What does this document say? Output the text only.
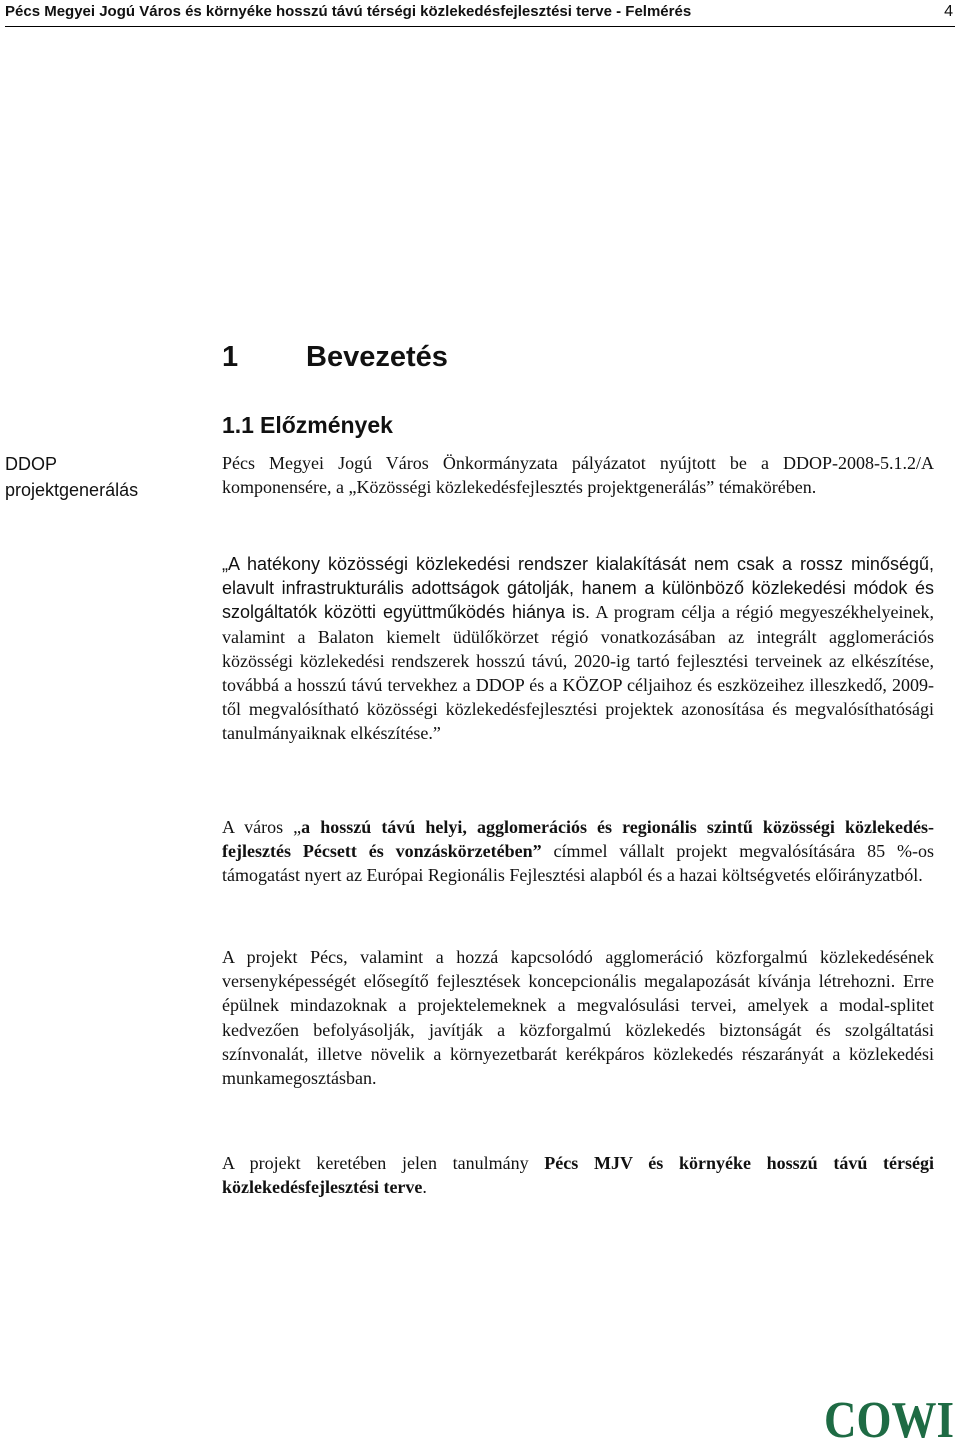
Pécs Megyei Jogú Város és környéke hosszú távú térségi közlekedésfejlesztési terve - Felmérés	4
1 Bevezetés
1.1 Előzmények
DDOP
projektgenerálás

Pécs Megyei Jogú Város Önkormányzata pályázatot nyújtott be a DDOP-2008-5.1.2/A komponensére, a „Közösségi közlekedésfejlesztés projektgenerálás” témakörében.

„A hatékony közösségi közlekedési rendszer kialakítását nem csak a rossz minőségű, elavult infrastrukturális adottságok gátolják, hanem a különböző közlekedési módok és szolgáltatók közötti együttműködés hiánya is. A program célja a régió megyeszékhelyeinek, valamint a Balaton kiemelt üdülőkörzet régió vonatkozásában az integrált agglomerációs közösségi közlekedési rendszerek hosszú távú, 2020-ig tartó fejlesztési terveinek az elkészítése, továbbá a hosszú távú tervekhez a DDOP és a KÖZOP céljaihoz és eszközeihez illeszkedő, 2009-től megvalósítható közösségi közlekedésfejlesztési projektek azonosítása és megvalósíthatósági tanulmányaiknak elkészítése.”

A város „a hosszú távú helyi, agglomerációs és regionális szintű közösségi közlekedés-fejlesztés Pécsett és vonzáskörzetében” címmel vállalt projekt megvalósítására 85 %-os támogatást nyert az Európai Regionális Fejlesztési alapból és a hazai költségvetés előirányzatból.

A projekt Pécs, valamint a hozzá kapcsolódó agglomeráció közforgalmú közlekedésének versenyképességét elősegítő fejlesztések koncepcionális megalapozását kívánja létrehozni. Erre épülnek mindazoknak a projektelemeknek a megvalósulási tervei, amelyek a modal-splitet kedvezően befolyásolják, javítják a közforgalmú közlekedés biztonságát és szolgáltatási színvonalát, illetve növelik a környezetbarát kerékpáros közlekedés részarányát a közlekedési munkamegosztásban.

A projekt keretében jelen tanulmány Pécs MJV és környéke hosszú távú térségi közlekedésfejlesztési terve.

COWI
